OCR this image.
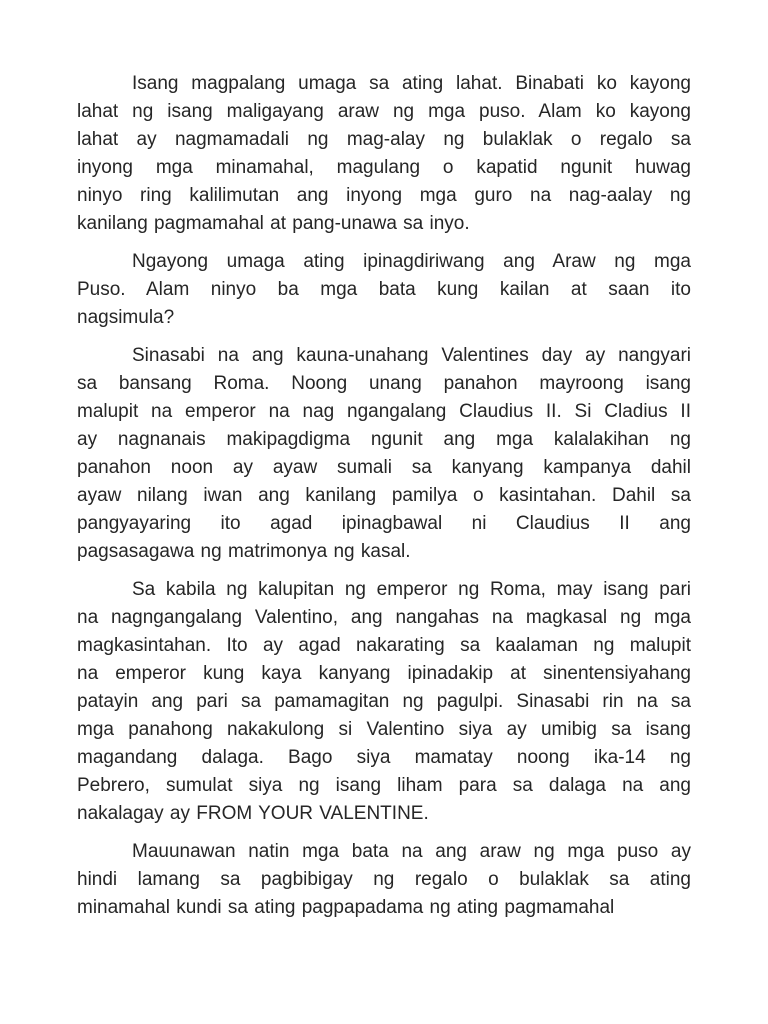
Isang magpalang umaga sa ating lahat. Binabati ko kayong
lahat ng isang maligayang araw ng mga puso. Alam ko kayong
lahat ay nagmamadali ng mag-alay ng bulaklak o regalo sa
inyong mga minamahal, magulang o kapatid ngunit huwag
ninyo ring kalilimutan ang inyong mga guro na nag-aalay ng
kanilang pagmamahal at pang-unawa sa inyo.

Ngayong umaga ating ipinagdiriwang ang Araw ng mga
Puso. Alam ninyo ba mga bata kung kailan at saan ito
nagsimula?

Sinasabi na ang kauna-unahang Valentines day ay nangyari
sa bansang Roma. Noong unang panahon mayroong isang
malupit na emperor na nag ngangalang Claudius II. Si Cladius II
ay nagnanais makipagdigma ngunit ang mga kalalakihan ng
panahon noon ay ayaw sumali sa kanyang kampanya dahil
ayaw nilang iwan ang kanilang pamilya o kasintahan. Dahil sa
pangyayaring ito agad ipinagbawal ni Claudius II ang
pagsasagawa ng matrimonya ng kasal.

Sa kabila ng kalupitan ng emperor ng Roma, may isang pari
na nagngangalang Valentino, ang nangahas na magkasal ng mga
magkasintahan. Ito ay agad nakarating sa kaalaman ng malupit
na emperor kung kaya kanyang ipinadakip at sinentensiyahang
patayin ang pari sa pamamagitan ng pagulpi. Sinasabi rin na sa
mga panahong nakakulong si Valentino siya ay umibig sa isang
magandang dalaga. Bago siya mamatay noong ika-14 ng
Pebrero, sumulat siya ng isang liham para sa dalaga na ang
nakalagay ay FROM YOUR VALENTINE.

Mauunawan natin mga bata na ang araw ng mga puso ay
hindi lamang sa pagbibigay ng regalo o bulaklak sa ating
minamahal kundi sa ating pagpapadama ng ating pagmamahal
